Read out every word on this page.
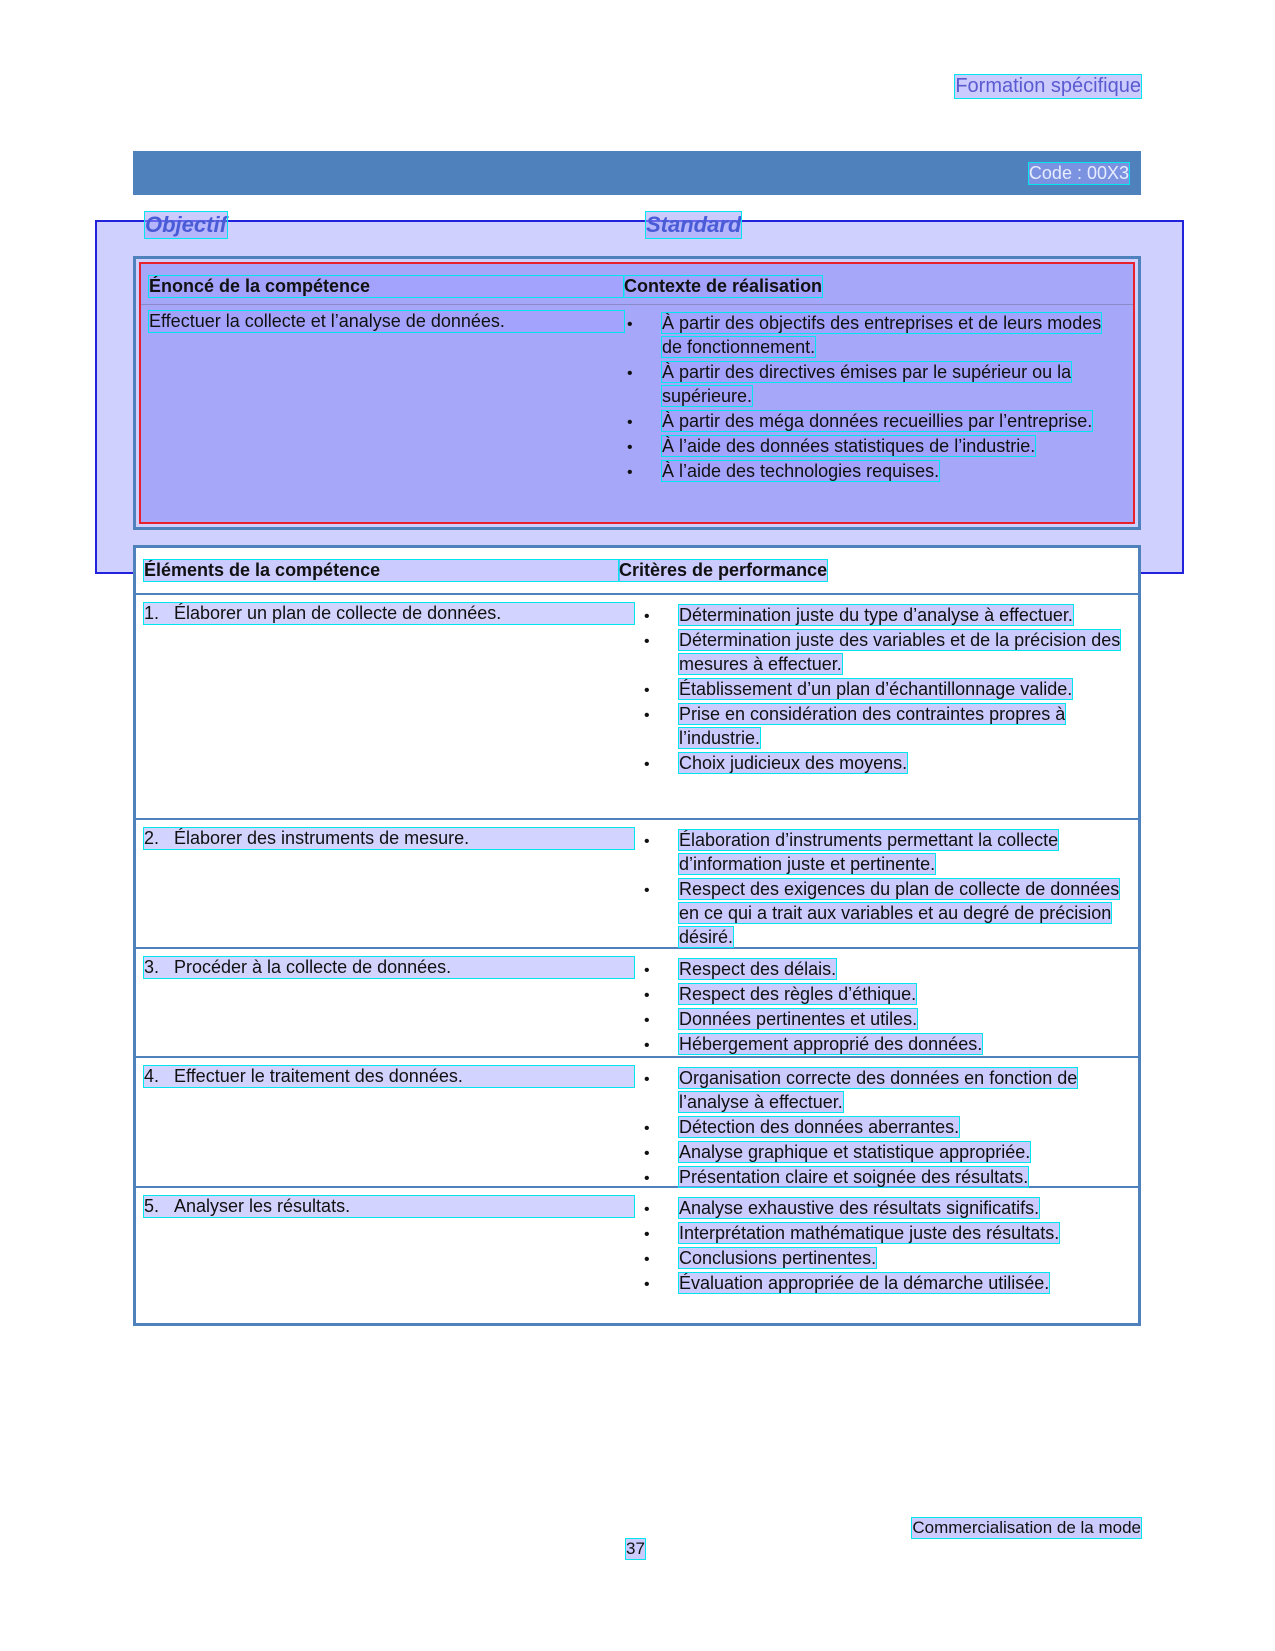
Formation spécifique
Code : 00X3
Objectif	Standard
Énoncé de la compétence	Contexte de réalisation
Effectuer la collecte et l’analyse de données.	• À partir des objectifs des entreprises et de leurs modes de fonctionnement.
• À partir des directives émises par le supérieur ou la supérieure.
• À partir des méga données recueillies par l’entreprise.
• À l’aide des données statistiques de l’industrie.
• À l’aide des technologies requises.
Éléments de la compétence	Critères de performance
1. Élaborer un plan de collecte de données.	• Détermination juste du type d’analyse à effectuer.
• Détermination juste des variables et de la précision des mesures à effectuer.
• Établissement d’un plan d’échantillonnage valide.
• Prise en considération des contraintes propres à l’industrie.
• Choix judicieux des moyens.
2. Élaborer des instruments de mesure.	• Élaboration d’instruments permettant la collecte d’information juste et pertinente.
• Respect des exigences du plan de collecte de données en ce qui a trait aux variables et au degré de précision désiré.
3. Procéder à la collecte de données.	• Respect des délais.
• Respect des règles d’éthique.
• Données pertinentes et utiles.
• Hébergement approprié des données.
4. Effectuer le traitement des données.	• Organisation correcte des données en fonction de l’analyse à effectuer.
• Détection des données aberrantes.
• Analyse graphique et statistique appropriée.
• Présentation claire et soignée des résultats.
5. Analyser les résultats.	• Analyse exhaustive des résultats significatifs.
• Interprétation mathématique juste des résultats.
• Conclusions pertinentes.
• Évaluation appropriée de la démarche utilisée.
Commercialisation de la mode
37
